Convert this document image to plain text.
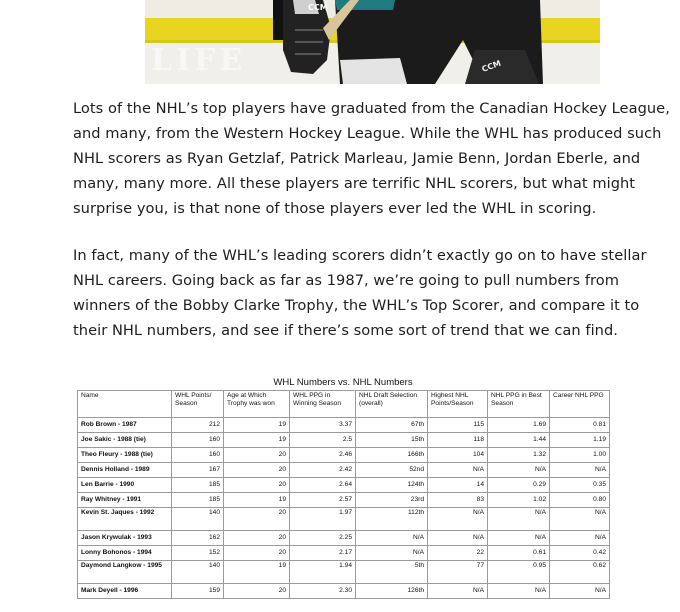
CCM
CCM
LIFE

Lots of the NHL’s top players have graduated from the Canadian Hockey League, and many, from the Western Hockey League. While the WHL has produced such NHL scorers as Ryan Getzlaf, Patrick Marleau, Jamie Benn, Jordan Eberle, and many, many more. All these players are terrific NHL scorers, but what might surprise you, is that none of those players ever led the WHL in scoring.

In fact, many of the WHL’s leading scorers didn’t exactly go on to have stellar NHL careers. Going back as far as 1987, we’re going to pull numbers from winners of the Bobby Clarke Trophy, the WHL’s Top Scorer, and compare it to their NHL numbers, and see if there’s some sort of trend that we can find.

WHL Numbers vs. NHL Numbers
Name	WHL Points/ Season	Age at Which Trophy was won	WHL PPG in Winning Season	NHL Draft Selection (overall)	Highest NHL Points/Season	NHL PPG in Best Season	Career NHL PPG
Rob Brown - 1987	212	19	3.37	67th	115	1.69	0.81
Joe Sakic - 1988 (tie)	160	19	2.5	15th	118	1.44	1.19
Theo Fleury - 1988 (tie)	160	20	2.46	166th	104	1.32	1.00
Dennis Holland - 1989	167	20	2.42	52nd	N/A	N/A	N/A
Len Barrie - 1990	185	20	2.64	124th	14	0.29	0.35
Ray Whitney - 1991	185	19	2.57	23rd	83	1.02	0.80
Kevin St. Jaques - 1992	140	20	1.97	112th	N/A	N/A	N/A
Jason Krywulak - 1993	162	20	2.25	N/A	N/A	N/A	N/A
Lonny Bohonos - 1994	152	20	2.17	N/A	22	0.61	0.42
Daymond Langkow - 1995	140	19	1.94	5th	77	0.95	0.62
Mark Deyell - 1996	159	20	2.30	126th	N/A	N/A	N/A
